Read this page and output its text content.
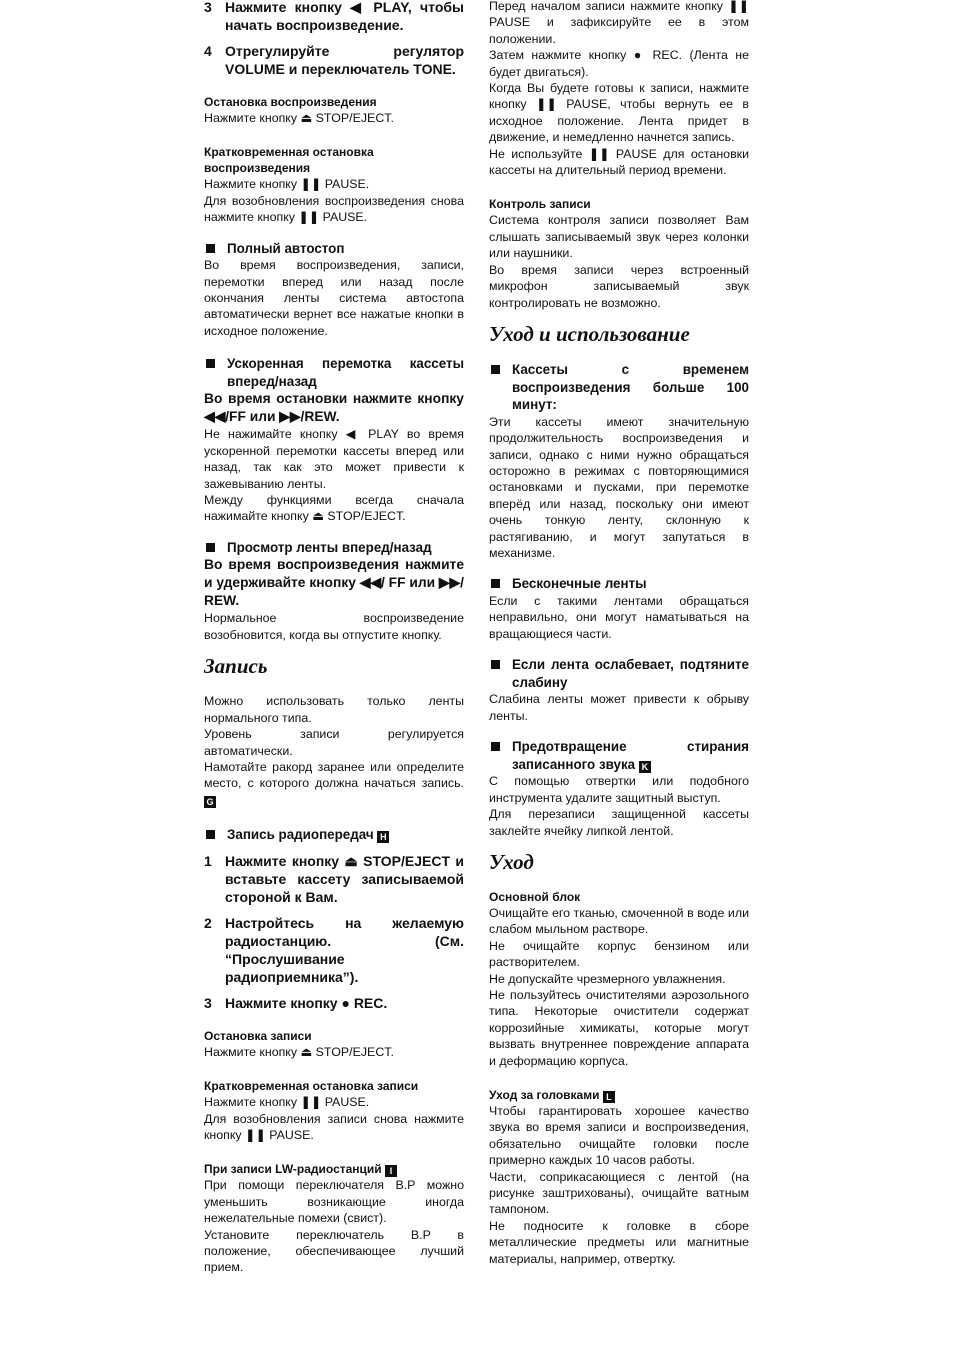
3 Нажмите кнопку ◀ PLAY, чтобы начать воспроизведение.
4 Отрегулируйте регулятор VOLUME и переключатель TONE.
Остановка воспроизведения

Нажмите кнопку ⏏ STOP/EJECT.

Кратковременная остановка воспроизведения

Нажмите кнопку ❚❚ PAUSE.

Для возобновления воспроизведения снова нажмите кнопку ❚❚ PAUSE.

Полный автостоп

Во время воспроизведения, записи, перемотки вперед или назад после окончания ленты система автостопа автоматически вернет все нажатые кнопки в исходное положение.

Ускоренная перемотка кассеты вперед/назад
Во время остановки нажмите кнопку ◀◀/FF или ▶▶/REW.

Не нажимайте кнопку ◀ PLAY во время ускоренной перемотки кассеты вперед или назад, так как это может привести к зажевыванию ленты.

Между функциями всегда сначала нажимайте кнопку ⏏ STOP/EJECT.

Просмотр ленты вперед/назад
Во время воспроизведения нажмите и удерживайте кнопку ◀◀/ FF или ▶▶/ REW.

Нормальное воспроизведение возобновится, когда вы отпустите кнопку.

Запись

Можно использовать только ленты нормального типа.

Уровень записи регулируется автоматически.

Намотайте ракорд заранее или определите место, с которого должна начаться запись. G

Запись радиопередач H
1 Нажмите кнопку ⏏ STOP/EJECT и вставьте кассету записываемой стороной к Вам.
2 Настройтесь на желаемую радиостанцию. (См. “Прослушивание радиоприемника”).
3 Нажмите кнопку ● REC.
Остановка записи

Нажмите кнопку ⏏ STOP/EJECT.

Кратковременная остановка записи

Нажмите кнопку ❚❚ PAUSE.

Для возобновления записи снова нажмите кнопку ❚❚ PAUSE.

При записи LW-радиостанций I

При помощи переключателя B.P можно уменьшить возникающие иногда нежелательные помехи (свист).

Установите переключатель B.P в положение, обеспечивающее лучший прием.

Перед началом записи нажмите кнопку ❚❚ PAUSE и зафиксируйте ее в этом положении.

Затем нажмите кнопку ● REC. (Лента не будет двигаться).

Когда Вы будете готовы к записи, нажмите кнопку ❚❚ PAUSE, чтобы вернуть ее в исходное положение. Лента придет в движение, и немедленно начнется запись.

Не используйте ❚❚ PAUSE для остановки кассеты на длительный период времени.

Контроль записи

Система контроля записи позволяет Вам слышать записываемый звук через колонки или наушники.

Во время записи через встроенный микрофон записываемый звук контролировать не возможно.

Уход и использование
Кассеты с временем воспроизведения больше 100 минут:

Эти кассеты имеют значительную продолжительность воспроизведения и записи, однако с ними нужно обращаться осторожно в режимах с повторяющимися остановками и пусками, при перемотке вперёд или назад, поскольку они имеют очень тонкую ленту, склонную к растягиванию, и могут запутаться в механизме.

Бесконечные ленты

Если с такими лентами обращаться неправильно, они могут наматываться на вращающиеся части.

Если лента ослабевает, подтяните слабину

Слабина ленты может привести к обрыву ленты.

Предотвращение стирания записанного звука K

С помощью отвертки или подобного инструмента удалите защитный выступ.

Для перезаписи защищенной кассеты заклейте ячейку липкой лентой.

Уход
Основной блок

Очищайте его тканью, смоченной в воде или слабом мыльном растворе.

Не очищайте корпус бензином или растворителем.

Не допускайте чрезмерного увлажнения.

Не пользуйтесь очистителями аэрозольного типа. Некоторые очистители содержат коррозийные химикаты, которые могут вызвать внутреннее повреждение аппарата и деформацию корпуса.

Уход за головками L

Чтобы гарантировать хорошее качество звука во время записи и воспроизведения, обязательно очищайте головки после примерно каждых 10 часов работы.

Части, соприкасающиеся с лентой (на рисунке заштрихованы), очищайте ватным тампоном.

Не подносите к головке в сборе металлические прeдметы или магнитные материалы, например, отвертку.
